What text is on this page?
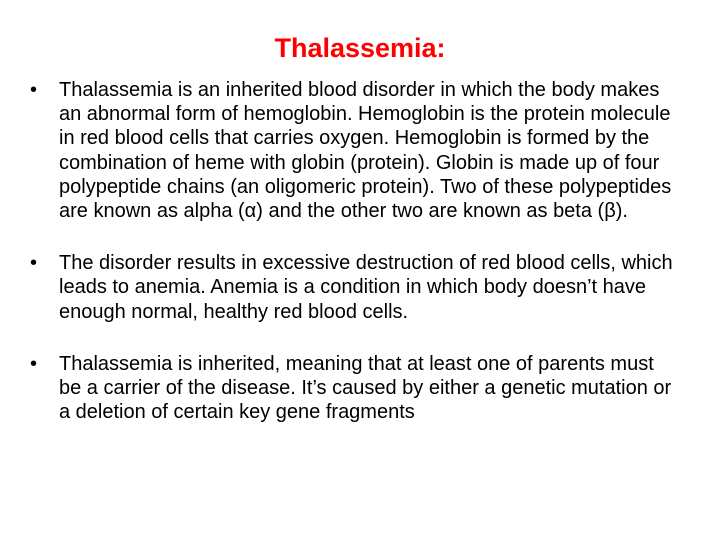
Thalassemia:
• Thalassemia is an inherited blood disorder in which the body makes an abnormal form of hemoglobin. Hemoglobin is the protein molecule in red blood cells that carries oxygen. Hemoglobin is formed by the combination of heme with globin (protein). Globin is made up of four polypeptide chains (an oligomeric protein). Two of these polypeptides are known as alpha (α) and the other two are known as beta (β).
• The disorder results in excessive destruction of red blood cells, which leads to anemia. Anemia is a condition in which body doesn’t have enough normal, healthy red blood cells.
• Thalassemia is inherited, meaning that at least one of parents must be a carrier of the disease. It’s caused by either a genetic mutation or a deletion of certain key gene fragments
